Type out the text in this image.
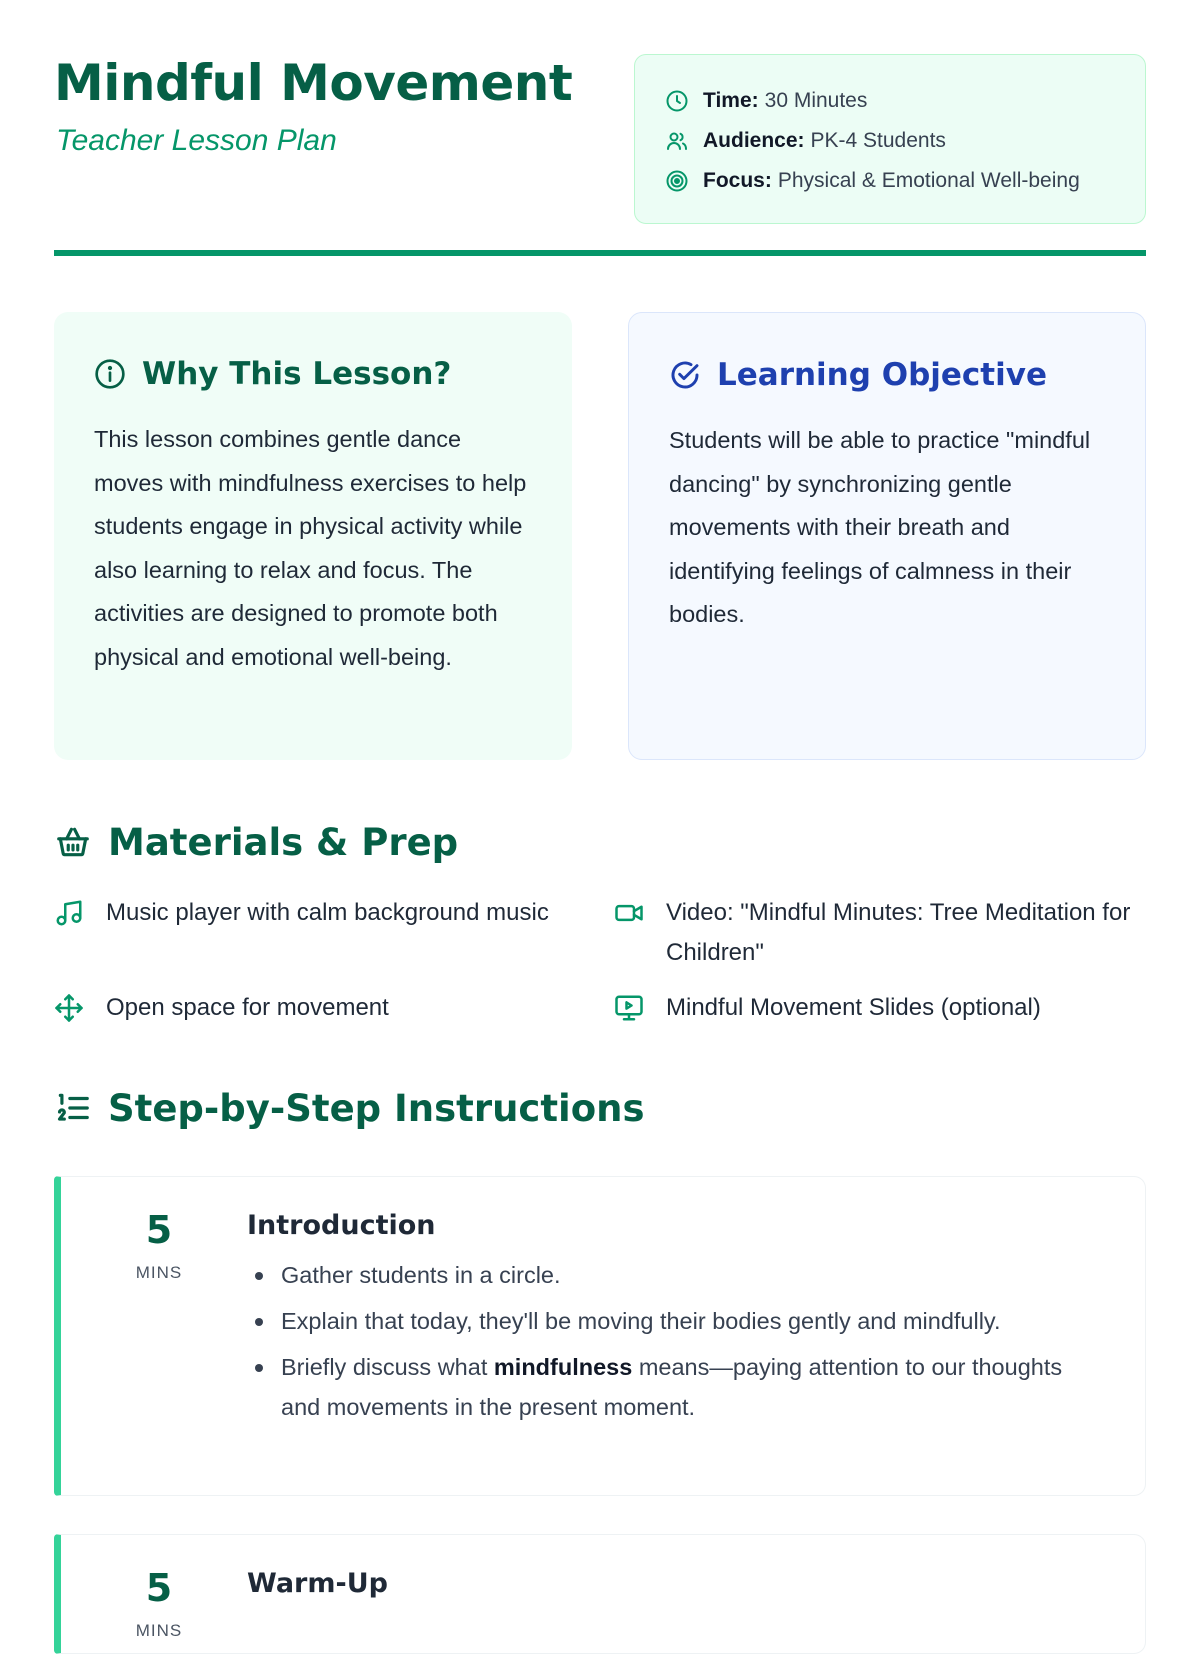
Mindful Movement
Teacher Lesson Plan
Time: 30 Minutes
Audience: PK-4 Students
Focus: Physical & Emotional Well-being
Why This Lesson?

This lesson combines gentle dance moves with mindfulness exercises to help students engage in physical activity while also learning to relax and focus. The activities are designed to promote both physical and emotional well-being.

Learning Objective

Students will be able to practice "mindful dancing" by synchronizing gentle movements with their breath and identifying feelings of calmness in their bodies.

Materials & Prep
Music player with calm background music	Video: "Mindful Minutes: Tree Meditation for Children"
Open space for movement	Mindful Movement Slides (optional)
Step-by-Step Instructions
5
MINS
Introduction
Gather students in a circle.
Explain that today, they'll be moving their bodies gently and mindfully.
Briefly discuss what mindfulness means—paying attention to our thoughts and movements in the present moment.
5
MINS
Warm-Up
